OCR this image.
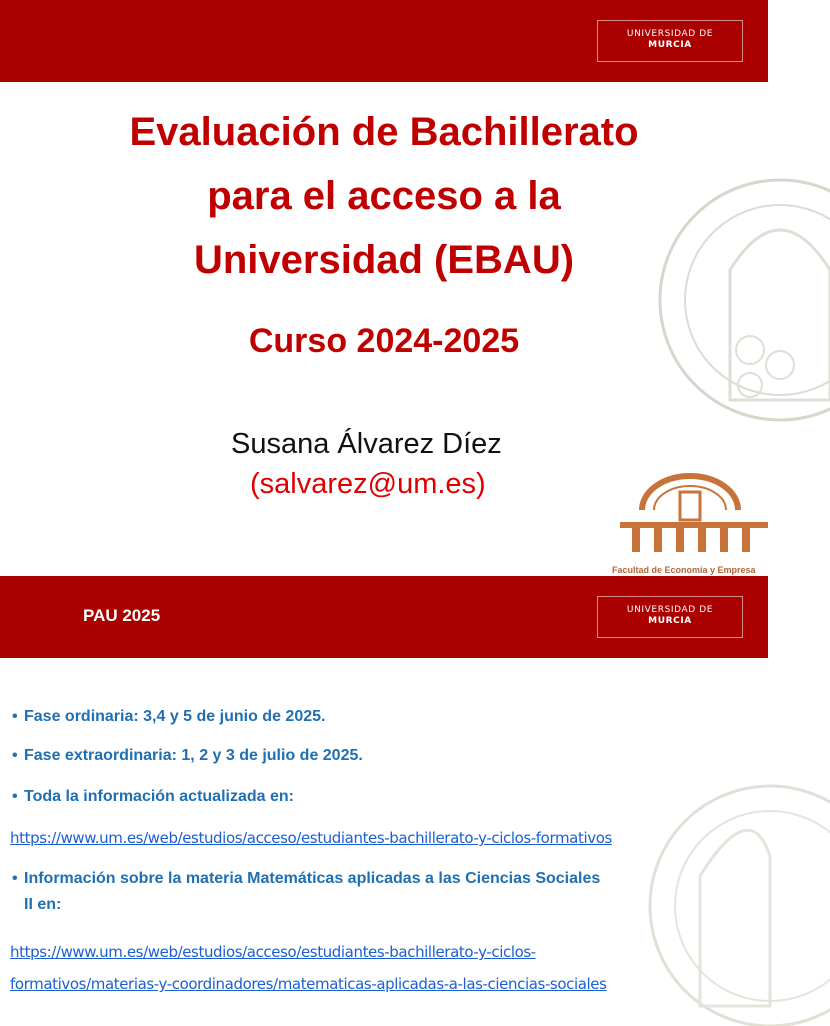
UNIVERSIDAD DE
MURCIA
Evaluación de Bachillerato
para el acceso a la
Universidad (EBAU)
Curso 2024-2025
Susana Álvarez Díez
(salvarez@um.es)
Facultad de Economía y Empresa
PAU 2025	UNIVERSIDAD DE
MURCIA
• Fase ordinaria: 3,4 y 5 de junio de 2025.
• Fase extraordinaria: 1, 2 y 3 de julio de 2025.
• Toda la información actualizada en:
https://www.um.es/web/estudios/acceso/estudiantes-bachillerato-y-ciclos-formativos
• Información sobre la materia Matemáticas aplicadas a las Ciencias Sociales
II en:
https://www.um.es/web/estudios/acceso/estudiantes-bachillerato-y-ciclos-
formativos/materias-y-coordinadores/matematicas-aplicadas-a-las-ciencias-sociales
